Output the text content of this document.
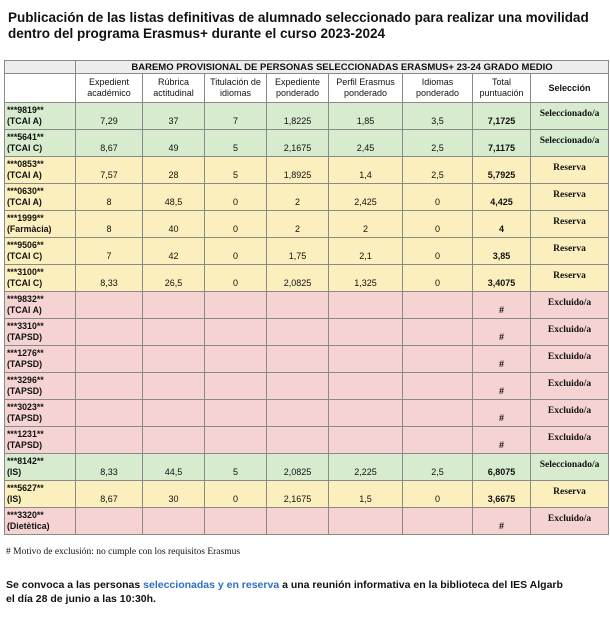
Publicación de las listas definitivas de alumnado seleccionado para realizar una movilidad dentro del programa Erasmus+ durante el curso 2023-2024
	BAREMO PROVISIONAL DE PERSONAS SELECCIONADAS ERASMUS+ 23-24 GRADO MEDIO							
	Expedient académico	Rúbrica actitudinal	Titulación de idiomas	Expediente ponderado	Perfil Erasmus ponderado	Idiomas ponderado	Total puntuación	Selección
***9819**
(TCAI A)	7,29	37	7	1,8225	1,85	3,5	7,1725	Seleccionado/a
***5641**
(TCAI C)	8,67	49	5	2,1675	2,45	2,5	7,1175	Seleccionado/a
***0853**
(TCAI A)	7,57	28	5	1,8925	1,4	2,5	5,7925	Reserva
***0630**
(TCAI A)	8	48,5	0	2	2,425	0	4,425	Reserva
***1999**
(Farmàcia)	8	40	0	2	2	0	4	Reserva
***9506**
(TCAI C)	7	42	0	1,75	2,1	0	3,85	Reserva
***3100**
(TCAI C)	8,33	26,5	0	2,0825	1,325	0	3,4075	Reserva
***9832**
(TCAI A)							#	Excluido/a
***3310**
(TAPSD)							#	Excluido/a
***1276**
(TAPSD)							#	Excluido/a
***3296**
(TAPSD)							#	Excluido/a
***3023**
(TAPSD)							#	Excluido/a
***1231**
(TAPSD)							#	Excluido/a
***8142**
(IS)	8,33	44,5	5	2,0825	2,225	2,5	6,8075	Seleccionado/a
***5627**
(IS)	8,67	30	0	2,1675	1,5	0	3,6675	Reserva
***3320**
(Dietètica)							#	Excluido/a
# Motivo de exclusión: no cumple con los requisitos Erasmus
Se convoca a las personas seleccionadas y en reserva a una reunión informativa en la biblioteca del IES Algarb
el día 28 de junio a las 10:30h.
